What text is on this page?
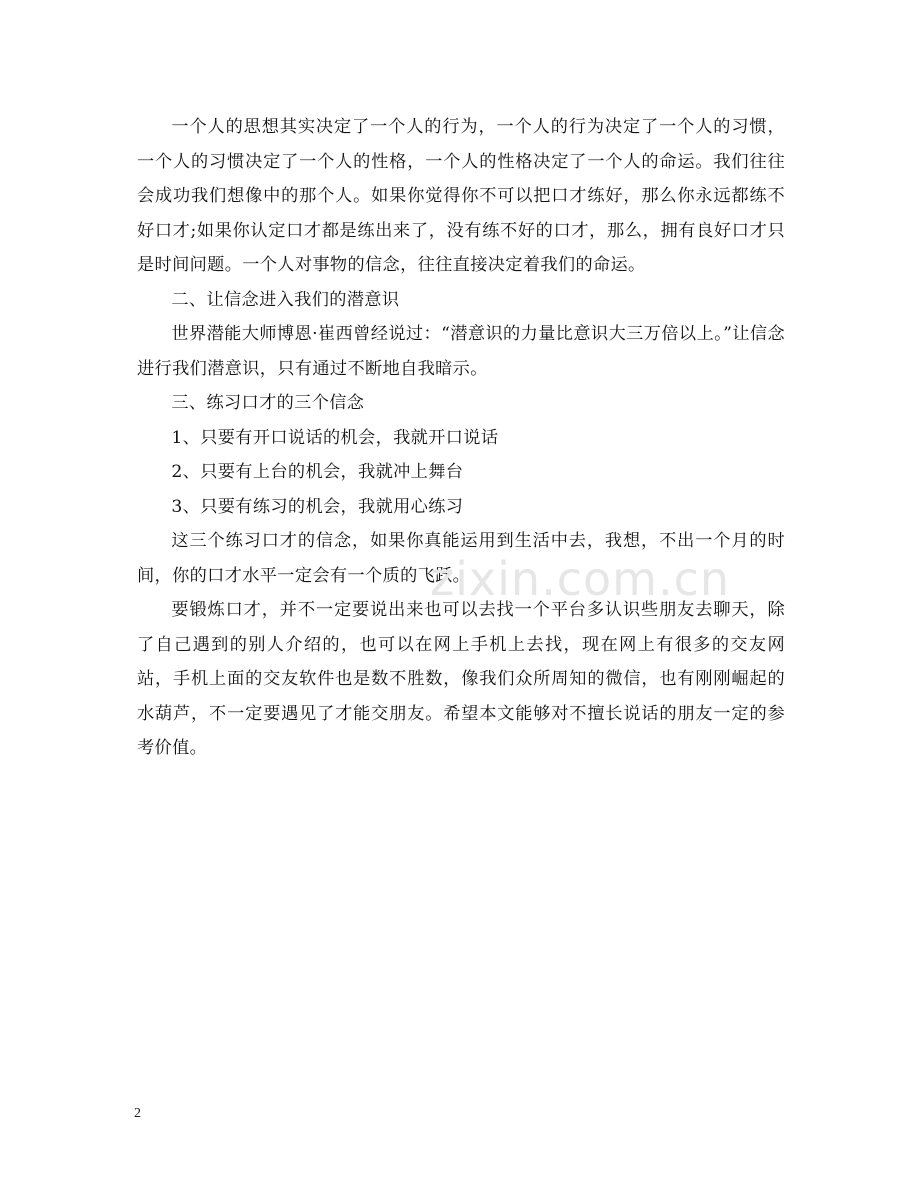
一个人的思想其实决定了一个人的行为，一个人的行为决定了一个人的习惯，一个人的习惯决定了一个人的性格，一个人的性格决定了一个人的命运。我们往往会成功我们想像中的那个人。如果你觉得你不可以把口才练好，那么你永远都练不好口才;如果你认定口才都是练出来了，没有练不好的口才，那么，拥有良好口才只是时间问题。一个人对事物的信念，往往直接决定着我们的命运。

二、让信念进入我们的潜意识

世界潜能大师博恩·崔西曾经说过：“潜意识的力量比意识大三万倍以上。”让信念进行我们潜意识，只有通过不断地自我暗示。

三、练习口才的三个信念

1、只要有开口说话的机会，我就开口说话

2、只要有上台的机会，我就冲上舞台

3、只要有练习的机会，我就用心练习

这三个练习口才的信念，如果你真能运用到生活中去，我想，不出一个月的时间，你的口才水平一定会有一个质的飞跃。

要锻炼口才，并不一定要说出来也可以去找一个平台多认识些朋友去聊天，除了自己遇到的别人介绍的，也可以在网上手机上去找，现在网上有很多的交友网站，手机上面的交友软件也是数不胜数，像我们众所周知的微信，也有刚刚崛起的水葫芦，不一定要遇见了才能交朋友。希望本文能够对不擅长说话的朋友一定的参考价值。

zixin.com.cn
2
